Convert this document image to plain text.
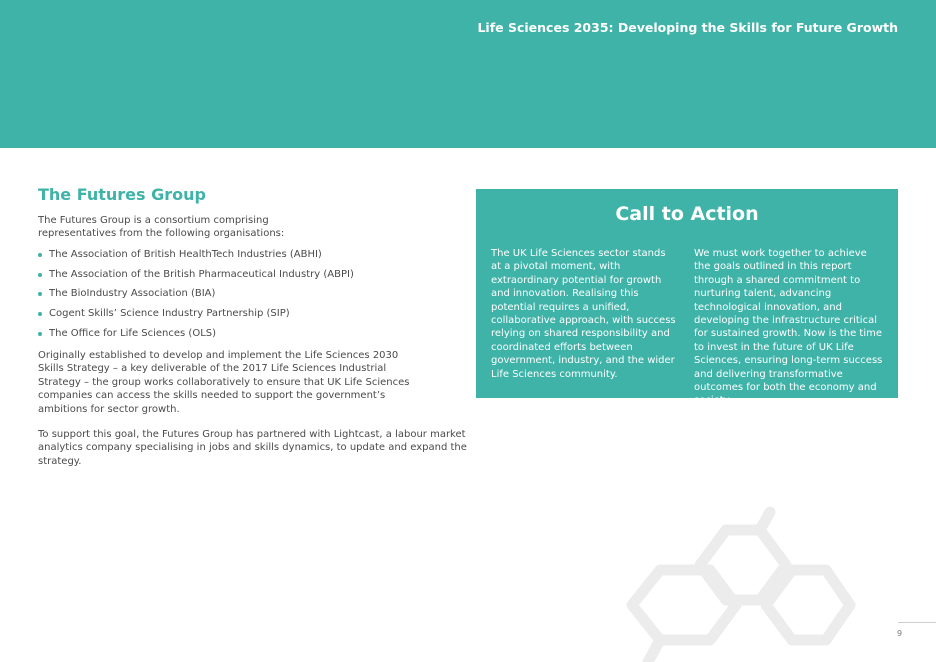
Life Sciences 2035: Developing the Skills for Future Growth
The Futures Group

The Futures Group is a consortium comprising representatives from the following organisations:

The Association of British HealthTech Industries (ABHI)
The Association of the British Pharmaceutical Industry (ABPI)
The BioIndustry Association (BIA)
Cogent Skills’ Science Industry Partnership (SIP)
The Office for Life Sciences (OLS)

Originally established to develop and implement the Life Sciences 2030 Skills Strategy – a key deliverable of the 2017 Life Sciences Industrial Strategy – the group works collaboratively to ensure that UK Life Sciences companies can access the skills needed to support the government’s ambitions for sector growth.

To support this goal, the Futures Group has partnered with Lightcast, a labour market analytics company specialising in jobs and skills dynamics, to update and expand the strategy.

Call to Action
The UK Life Sciences sector stands at a pivotal moment, with extraordinary potential for growth and innovation. Realising this potential requires a unified, collaborative approach, with success relying on shared responsibility and coordinated efforts between government, industry, and the wider Life Sciences community.
We must work together to achieve the goals outlined in this report through a shared commitment to nurturing talent, advancing technological innovation, and developing the infrastructure critical for sustained growth. Now is the time to invest in the future of UK Life Sciences, ensuring long-term success and delivering transformative outcomes for both the economy and society.
9
